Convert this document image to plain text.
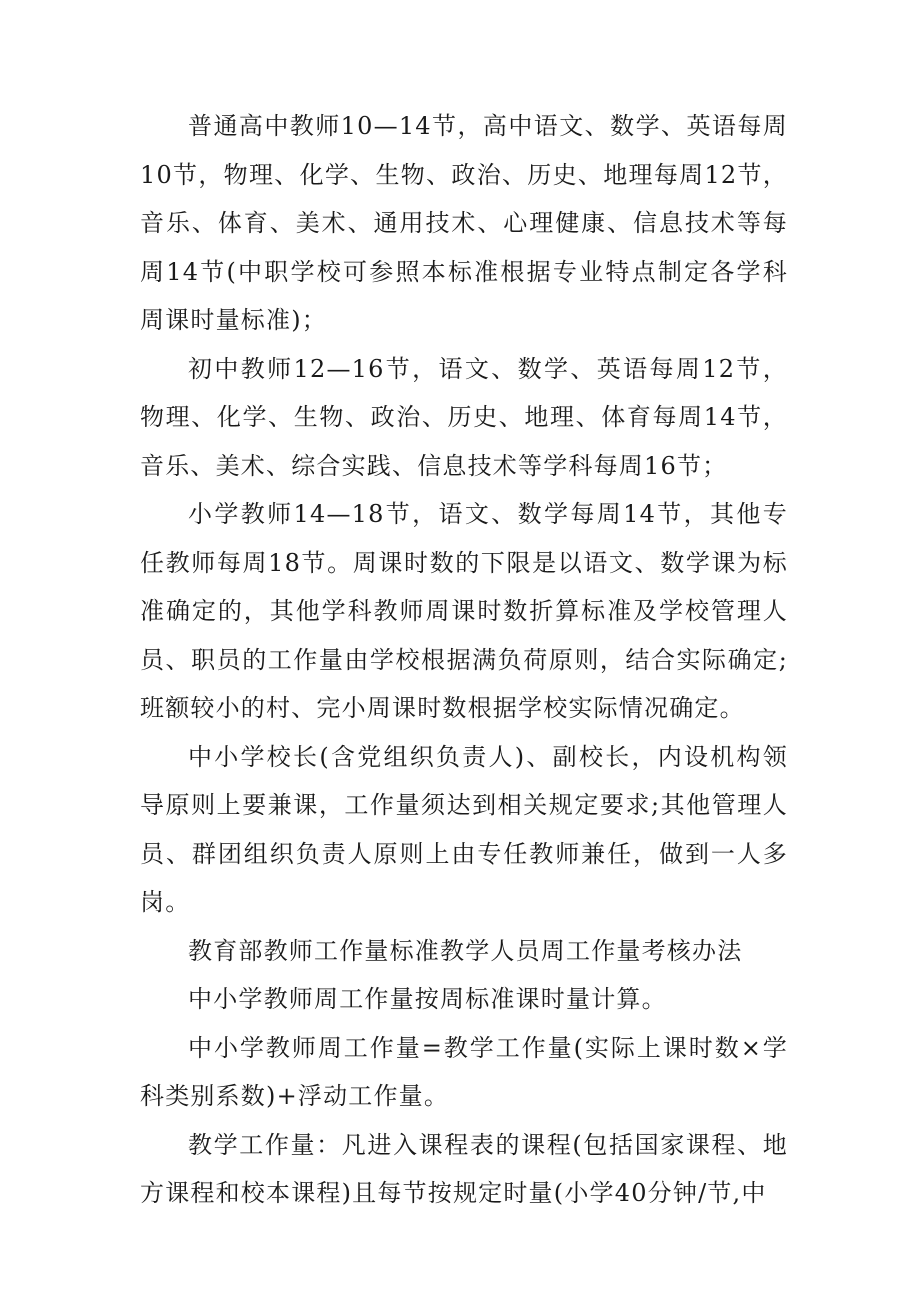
普通高中教师10—14节，高中语文、数学、英语每周10节，物理、化学、生物、政治、历史、地理每周12节，音乐、体育、美术、通用技术、心理健康、信息技术等每周14节(中职学校可参照本标准根据专业特点制定各学科周课时量标准)；

初中教师12—16节，语文、数学、英语每周12节，物理、化学、生物、政治、历史、地理、体育每周14节，音乐、美术、综合实践、信息技术等学科每周16节；

小学教师14—18节，语文、数学每周14节，其他专任教师每周18节。周课时数的下限是以语文、数学课为标准确定的，其他学科教师周课时数折算标准及学校管理人员、职员的工作量由学校根据满负荷原则，结合实际确定;班额较小的村、完小周课时数根据学校实际情况确定。

中小学校长(含党组织负责人)、副校长，内设机构领导原则上要兼课，工作量须达到相关规定要求;其他管理人员、群团组织负责人原则上由专任教师兼任，做到一人多岗。

教育部教师工作量标准教学人员周工作量考核办法

中小学教师周工作量按周标准课时量计算。

中小学教师周工作量=教学工作量(实际上课时数×学科类别系数)+浮动工作量。

教学工作量：凡进入课程表的课程(包括国家课程、地方课程和校本课程)且每节按规定时量(小学40分钟/节,中
